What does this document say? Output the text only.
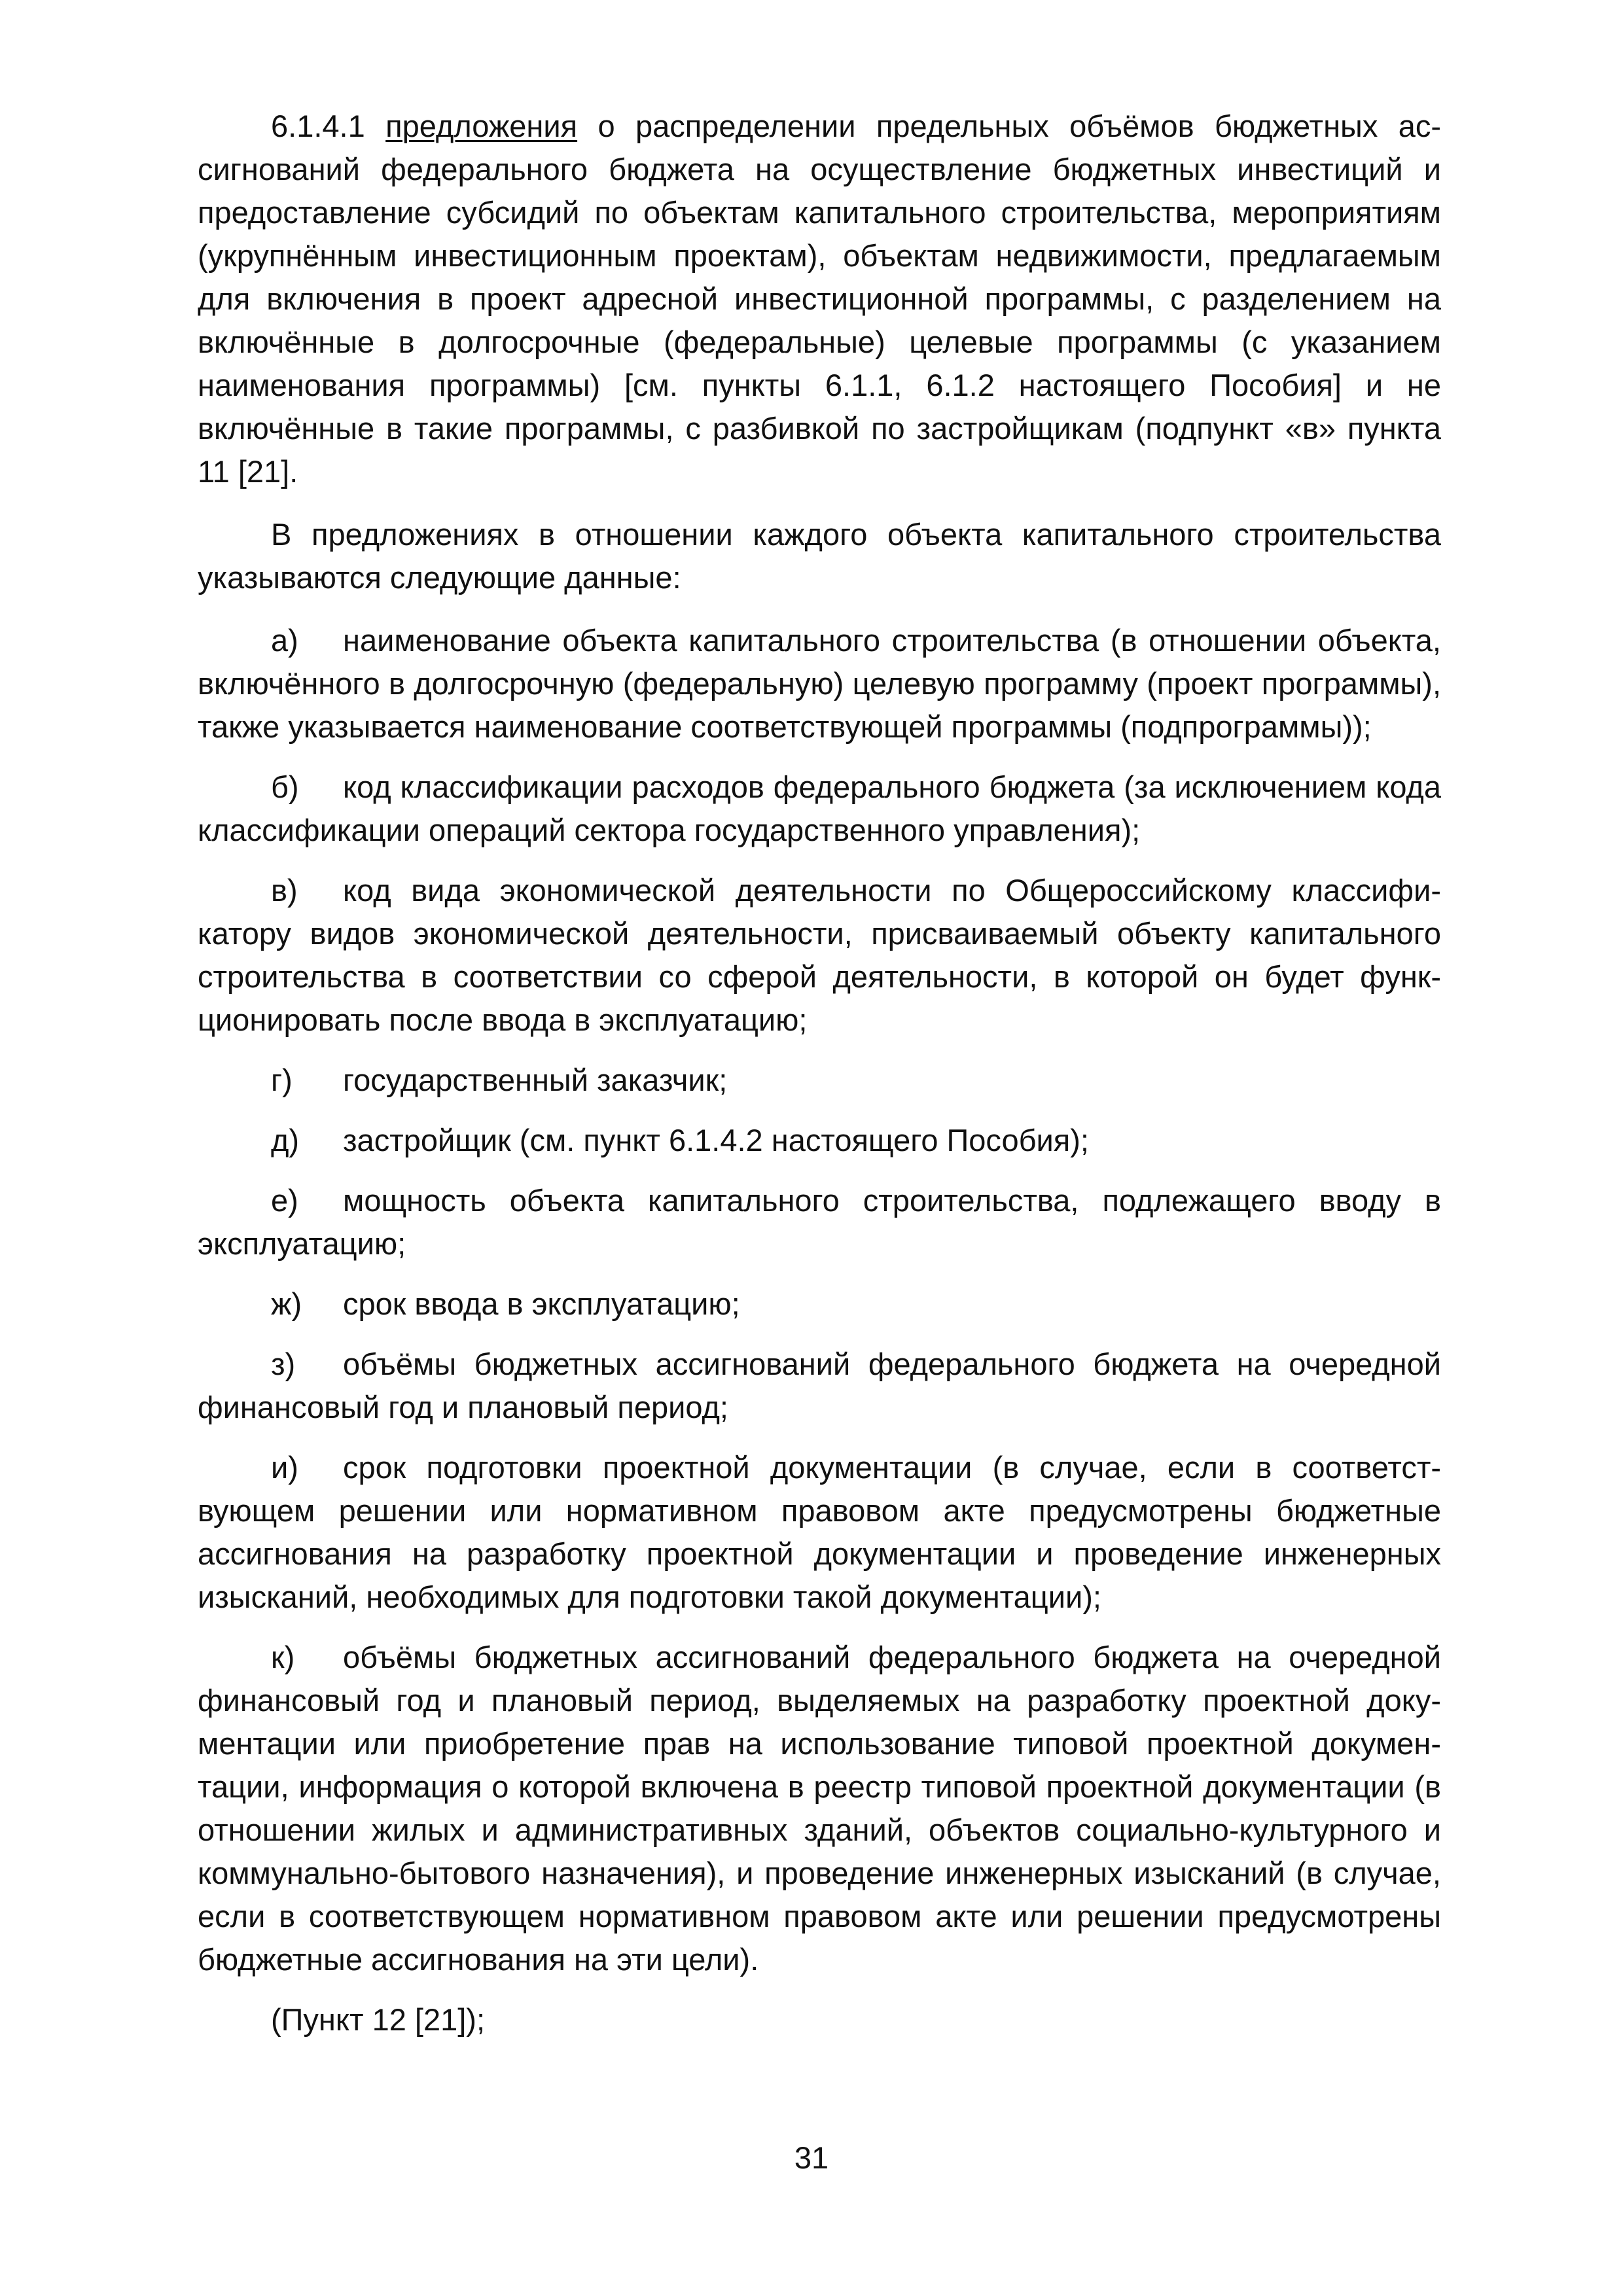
6.1.4.1 предложения о распределении предельных объёмов бюджетных ассигнований федерального бюджета на осуществление бюджетных инвестиций и предоставление субсидий по объектам капитального строительства, мероприятиям (укрупнённым инвестиционным проектам), объектам недвижимости, предлагаемым для включения в проект адресной инвестиционной программы, с разделением на включённые в долгосрочные (федеральные) целевые программы (с указанием наименования программы) [см. пункты 6.1.1, 6.1.2 настоящего Пособия] и не включённые в такие программы, с разбивкой по застройщикам (подпункт «в» пункта 11 [21].

В предложениях в отношении каждого объекта капитального строительства указываются следующие данные:

а) наименование объекта капитального строительства (в отношении объекта, включённого в долгосрочную (федеральную) целевую программу (проект программы), также указывается наименование соответствующей программы (подпрограммы));

б) код классификации расходов федерального бюджета (за исключением кода классификации операций сектора государственного управления);

в) код вида экономической деятельности по Общероссийскому классификатору видов экономической деятельности, присваиваемый объекту капитального строительства в соответствии со сферой деятельности, в которой он будет функционировать после ввода в эксплуатацию;

г) государственный заказчик;

д) застройщик (см. пункт 6.1.4.2 настоящего Пособия);

е) мощность объекта капитального строительства, подлежащего вводу в эксплуатацию;

ж) срок ввода в эксплуатацию;

з) объёмы бюджетных ассигнований федерального бюджета на очередной финансовый год и плановый период;

и) срок подготовки проектной документации (в случае, если в соответствующем решении или нормативном правовом акте предусмотрены бюджетные ассигнования на разработку проектной документации и проведение инженерных изысканий, необходимых для подготовки такой документации);

к) объёмы бюджетных ассигнований федерального бюджета на очередной финансовый год и плановый период, выделяемых на разработку проектной документации или приобретение прав на использование типовой проектной документации, информация о которой включена в реестр типовой проектной документации (в отношении жилых и административных зданий, объектов социально-культурного и коммунально-бытового назначения), и проведение инженерных изысканий (в случае, если в соответствующем нормативном правовом акте или решении предусмотрены бюджетные ассигнования на эти цели).

(Пункт 12 [21]);

31
